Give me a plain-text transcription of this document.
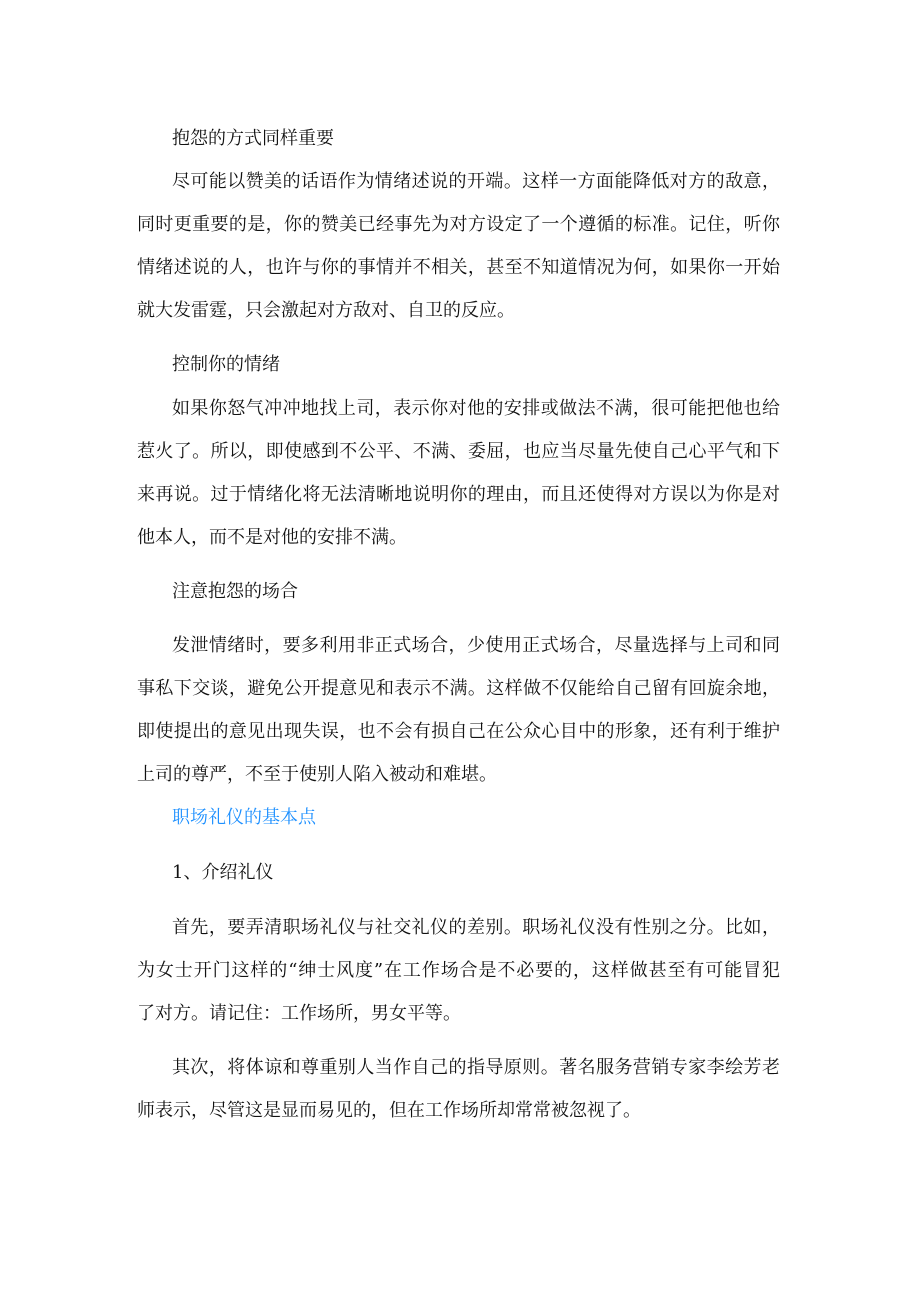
抱怨的方式同样重要
尽可能以赞美的话语作为情绪述说的开端。这样一方面能降低对方的敌意，
同时更重要的是，你的赞美已经事先为对方设定了一个遵循的标准。记住，听你
情绪述说的人，也许与你的事情并不相关，甚至不知道情况为何，如果你一开始
就大发雷霆，只会激起对方敌对、自卫的反应。
控制你的情绪
如果你怒气冲冲地找上司，表示你对他的安排或做法不满，很可能把他也给
惹火了。所以，即使感到不公平、不满、委屈，也应当尽量先使自己心平气和下
来再说。过于情绪化将无法清晰地说明你的理由，而且还使得对方误以为你是对
他本人，而不是对他的安排不满。
注意抱怨的场合
发泄情绪时，要多利用非正式场合，少使用正式场合，尽量选择与上司和同
事私下交谈，避免公开提意见和表示不满。这样做不仅能给自己留有回旋余地，
即使提出的意见出现失误，也不会有损自己在公众心目中的形象，还有利于维护
上司的尊严，不至于使别人陷入被动和难堪。
职场礼仪的基本点
1、介绍礼仪
首先，要弄清职场礼仪与社交礼仪的差别。职场礼仪没有性别之分。比如，
为女士开门这样的“绅士风度”在工作场合是不必要的，这样做甚至有可能冒犯
了对方。请记住：工作场所，男女平等。
其次，将体谅和尊重别人当作自己的指导原则。著名服务营销专家李绘芳老
师表示，尽管这是显而易见的，但在工作场所却常常被忽视了。
